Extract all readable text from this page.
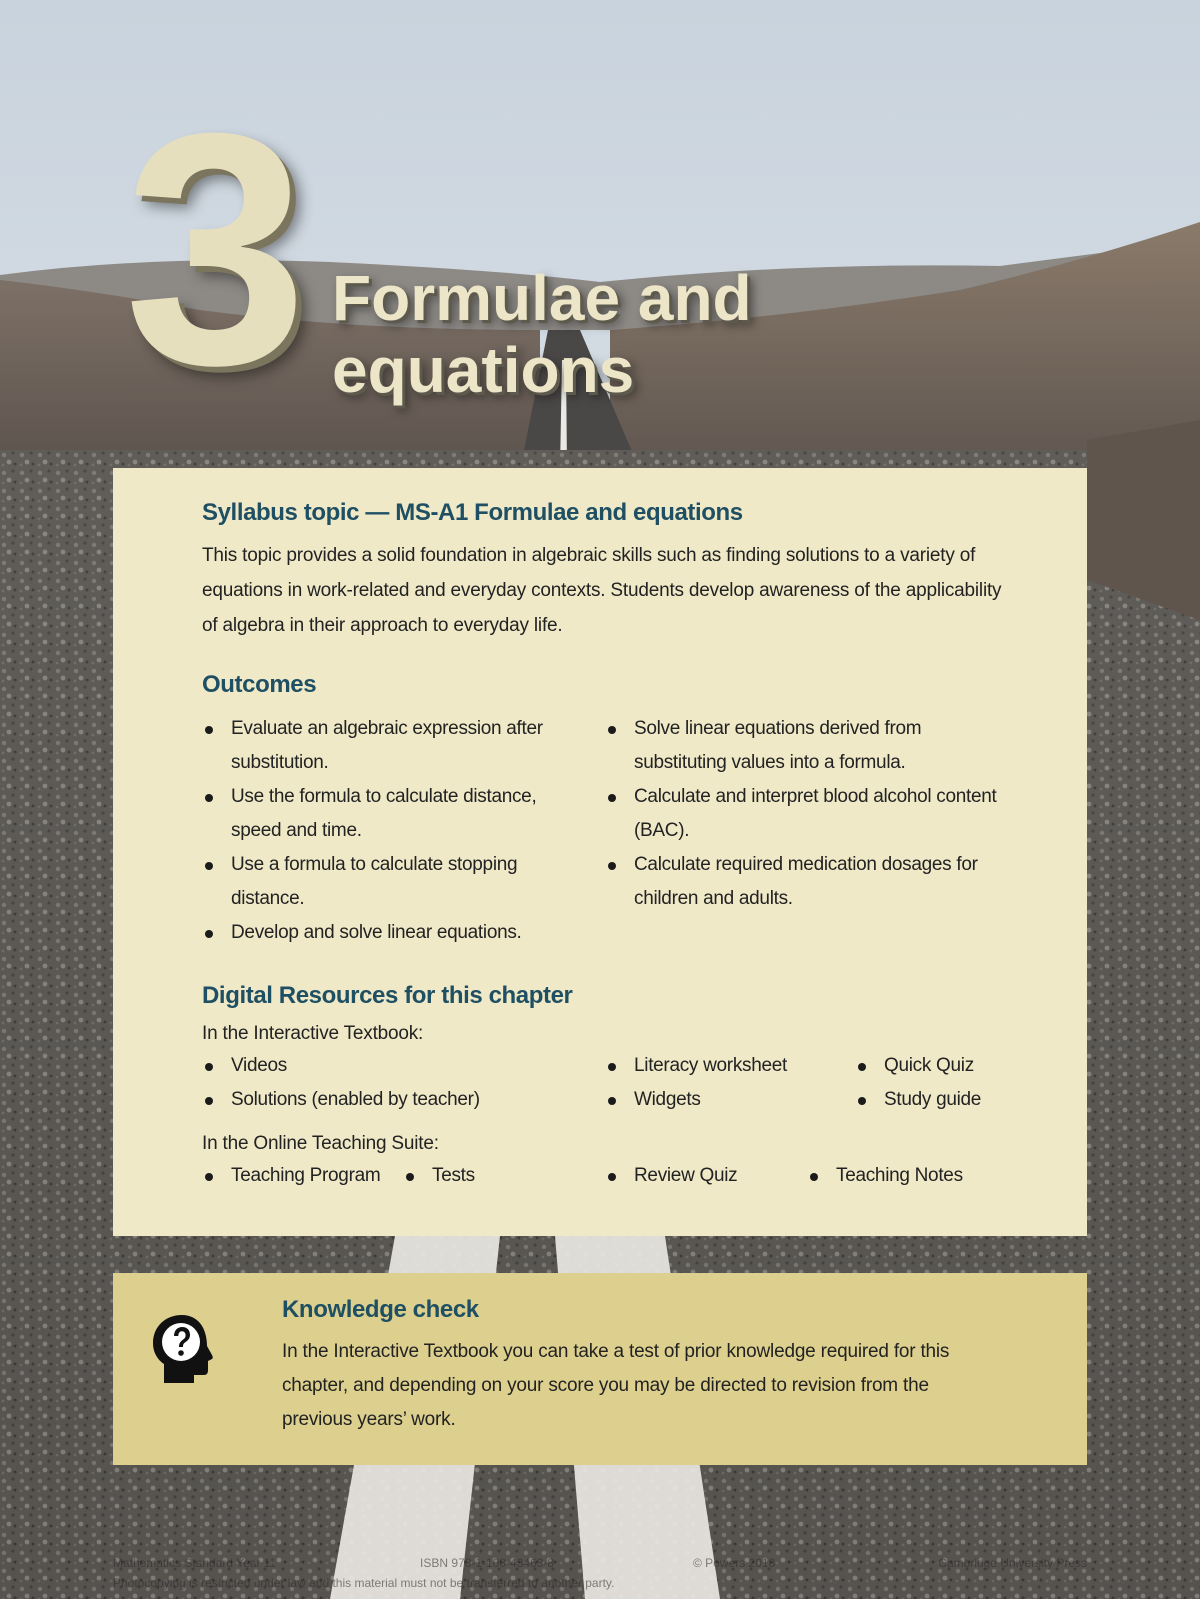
3 Formulae and
equations
Syllabus topic — MS-A1 Formulae and equations

This topic provides a solid foundation in algebraic skills such as finding solutions to a variety of equations in work-related and everyday contexts. Students develop awareness of the applicability of algebra in their approach to everyday life.

Outcomes
Evaluate an algebraic expression after substitution.
Use the formula to calculate distance, speed and time.
Use a formula to calculate stopping distance.
Develop and solve linear equations.
Solve linear equations derived from substituting values into a formula.
Calculate and interpret blood alcohol content (BAC).
Calculate required medication dosages for children and adults.
Digital Resources for this chapter

In the Interactive Textbook:

Videos
Solutions (enabled by teacher)
Literacy worksheet
Widgets
Quick Quiz
Study guide

In the Online Teaching Suite:

Teaching Program	Tests	Review Quiz	Teaching Notes
Knowledge check

In the Interactive Textbook you can take a test of prior knowledge required for this chapter, and depending on your score you may be directed to revision from the previous years’ work.

Mathematics Standard Year 11	ISBN 978-1-108-43463-8	© Powers 2018	Cambridge University Press
Photocopying is restricted under law and this material must not be transferred to another party.
